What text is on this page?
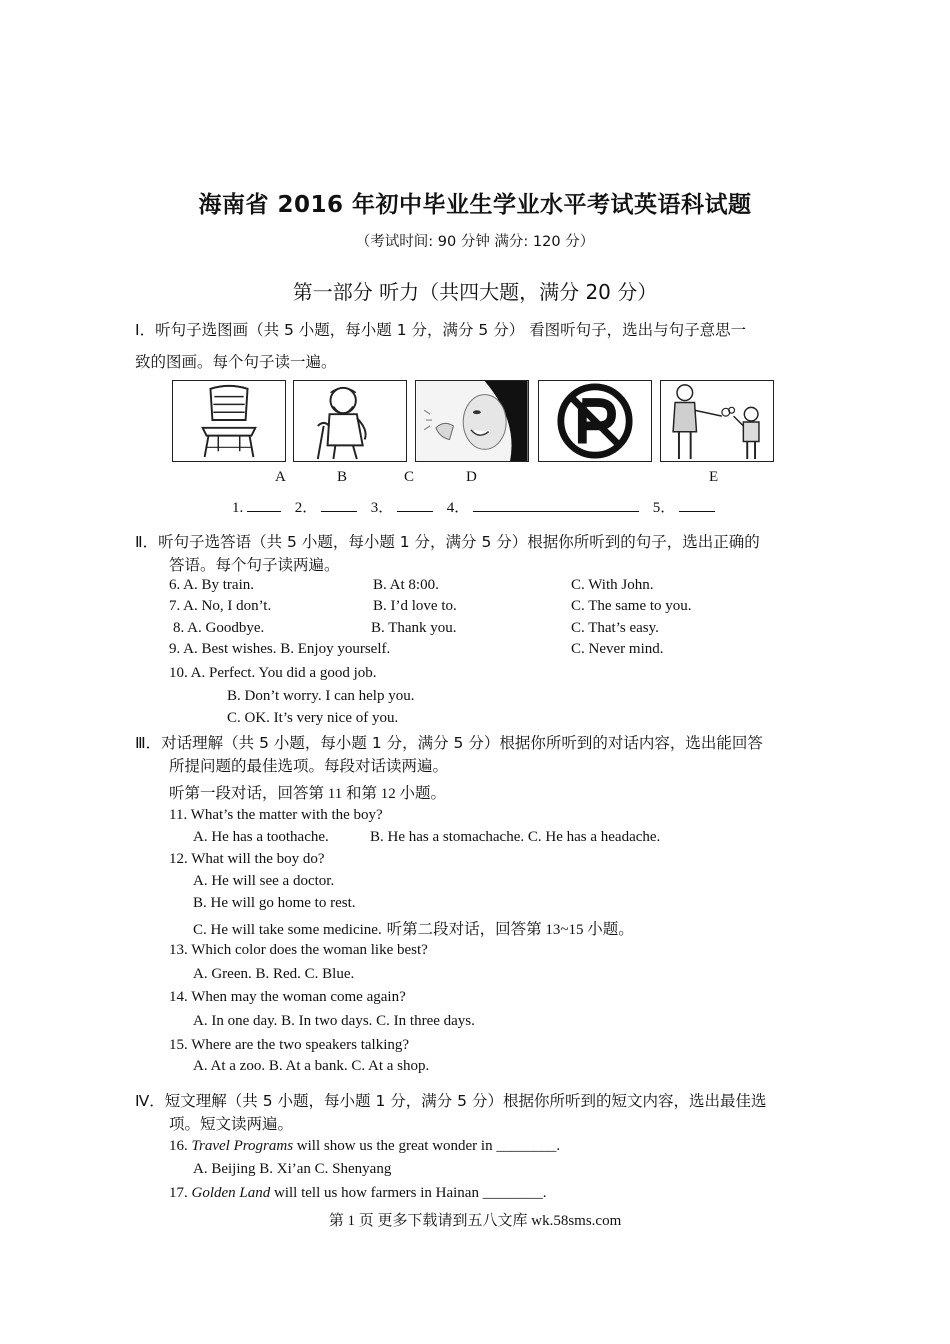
海南省 2016 年初中毕业生学业水平考试英语科试题
（考试时间: 90 分钟 满分: 120 分）
第一部分 听力（共四大题，满分 20 分）
Ⅰ．听句子选图画（共 5 小题，每小题 1 分，满分 5 分） 看图听句子，选出与句子意思一
致的图画。每个句子读一遍。
A	B	C	D	E
1.	2．	3．	4．	5．
Ⅱ．听句子选答语（共 5 小题，每小题 1 分，满分 5 分）根据你所听到的句子，选出正确的
答语。每个句子读两遍。
6. A. By train.	B. At 8:00.	C. With John.
7. A. No, I don’t.	B. I’d love to.	C. The same to you.
8. A. Goodbye.	B. Thank you.	C. That’s easy.
9. A. Best wishes. B. Enjoy yourself.	C. Never mind.
10. A. Perfect. You did a good job.
B. Don’t worry. I can help you.
C. OK. It’s very nice of you.
Ⅲ．对话理解（共 5 小题，每小题 1 分，满分 5 分）根据你所听到的对话内容，选出能回答
所提问题的最佳选项。每段对话读两遍。
听第一段对话，回答第 11 和第 12 小题。
11. What’s the matter with the boy?
A. He has a toothache.	B. He has a stomachache. C. He has a headache.
12. What will the boy do?
A. He will see a doctor.
B. He will go home to rest.
C. He will take some medicine. 听第二段对话，回答第 13~15 小题。
13. Which color does the woman like best?
A. Green. B. Red. C. Blue.
14. When may the woman come again?
A. In one day. B. In two days. C. In three days.
15. Where are the two speakers talking?
A. At a zoo. B. At a bank. C. At a shop.
Ⅳ．短文理解（共 5 小题，每小题 1 分，满分 5 分）根据你所听到的短文内容，选出最佳选
项。短文读两遍。
16. Travel Programs will show us the great wonder in ________.
A. Beijing B. Xi’an C. Shenyang
17. Golden Land will tell us how farmers in Hainan ________.
第 1 页 更多下载请到五八文库 wk.58sms.com
